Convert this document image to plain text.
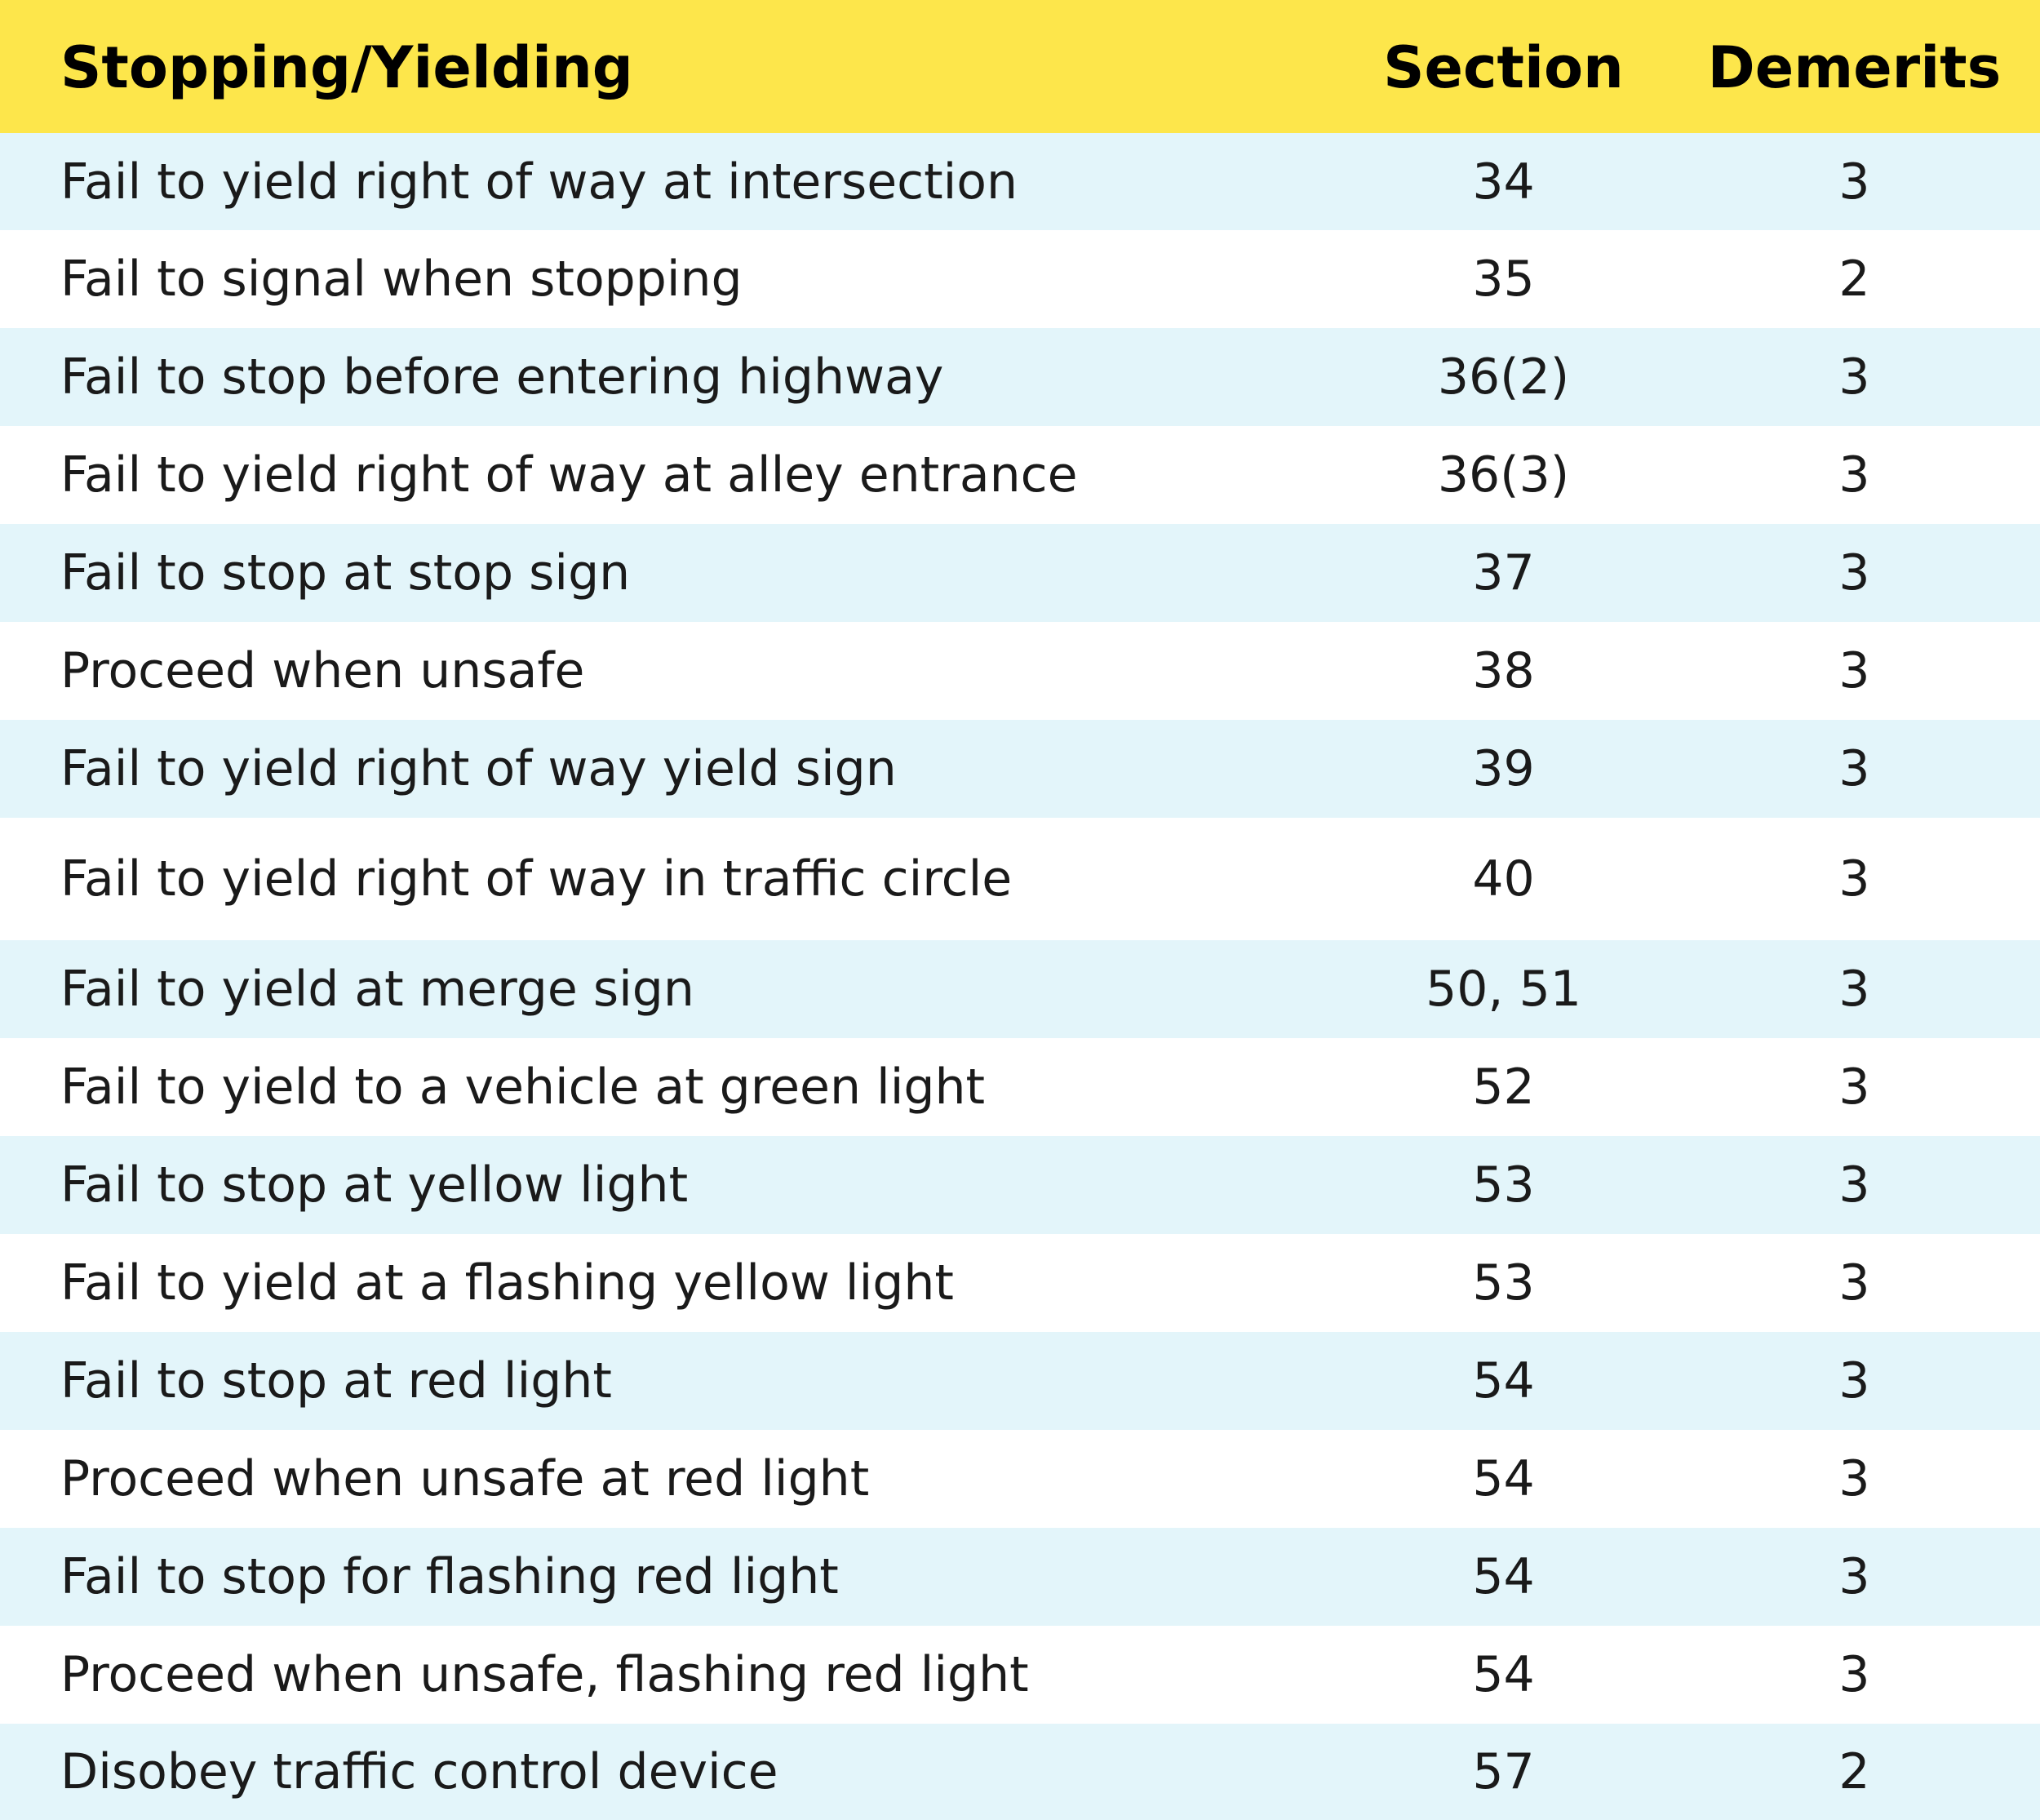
Stopping/Yielding	Section	Demerits
Fail to yield right of way at intersection	34	3
Fail to signal when stopping	35	2
Fail to stop before entering highway	36(2)	3
Fail to yield right of way at alley entrance	36(3)	3
Fail to stop at stop sign	37	3
Proceed when unsafe	38	3
Fail to yield right of way yield sign	39	3
Fail to yield right of way in traffic circle	40	3
Fail to yield at merge sign	50, 51	3
Fail to yield to a vehicle at green light	52	3
Fail to stop at yellow light	53	3
Fail to yield at a flashing yellow light	53	3
Fail to stop at red light	54	3
Proceed when unsafe at red light	54	3
Fail to stop for flashing red light	54	3
Proceed when unsafe, flashing red light	54	3
Disobey traffic control device	57	2
